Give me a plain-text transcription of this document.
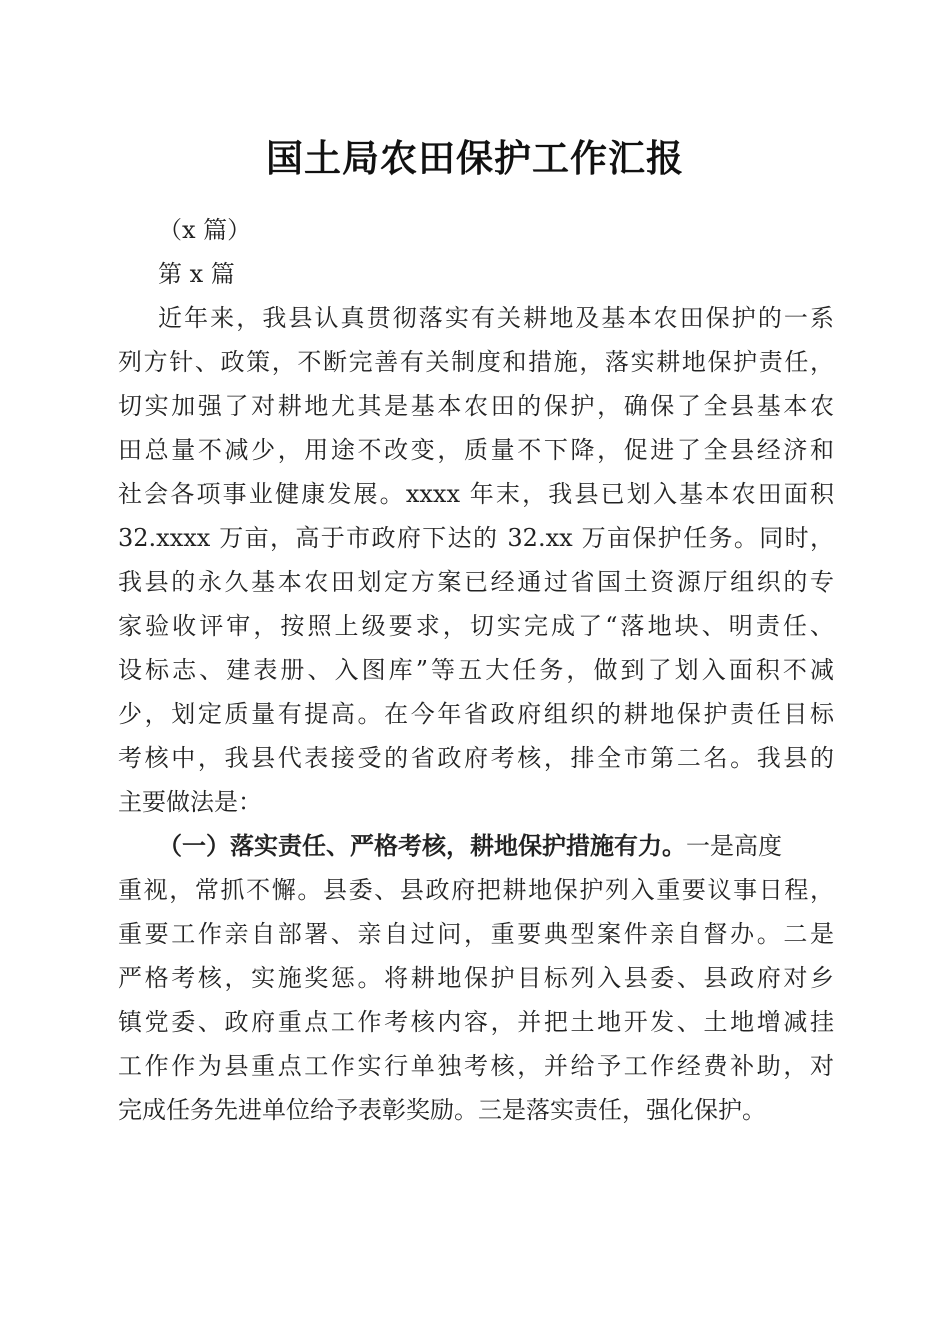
国土局农田保护工作汇报
（x 篇）
第 x 篇
近年来，我县认真贯彻落实有关耕地及基本农田保护的一系
列方针、政策，不断完善有关制度和措施，落实耕地保护责任，
切实加强了对耕地尤其是基本农田的保护，确保了全县基本农
田总量不减少，用途不改变，质量不下降，促进了全县经济和
社会各项事业健康发展。xxxx 年末，我县已划入基本农田面积
32.xxxx 万亩，高于市政府下达的 32.xx 万亩保护任务。同时，
我县的永久基本农田划定方案已经通过省国土资源厅组织的专
家验收评审，按照上级要求，切实完成了“落地块、明责任、
设标志、建表册、入图库”等五大任务，做到了划入面积不减
少，划定质量有提高。在今年省政府组织的耕地保护责任目标
考核中，我县代表接受的省政府考核，排全市第二名。我县的
主要做法是：
（一）落实责任、严格考核，耕地保护措施有力。一是高度
重视，常抓不懈。县委、县政府把耕地保护列入重要议事日程，
重要工作亲自部署、亲自过问，重要典型案件亲自督办。二是
严格考核，实施奖惩。将耕地保护目标列入县委、县政府对乡
镇党委、政府重点工作考核内容，并把土地开发、土地增减挂
工作作为县重点工作实行单独考核，并给予工作经费补助，对
完成任务先进单位给予表彰奖励。三是落实责任，强化保护。
